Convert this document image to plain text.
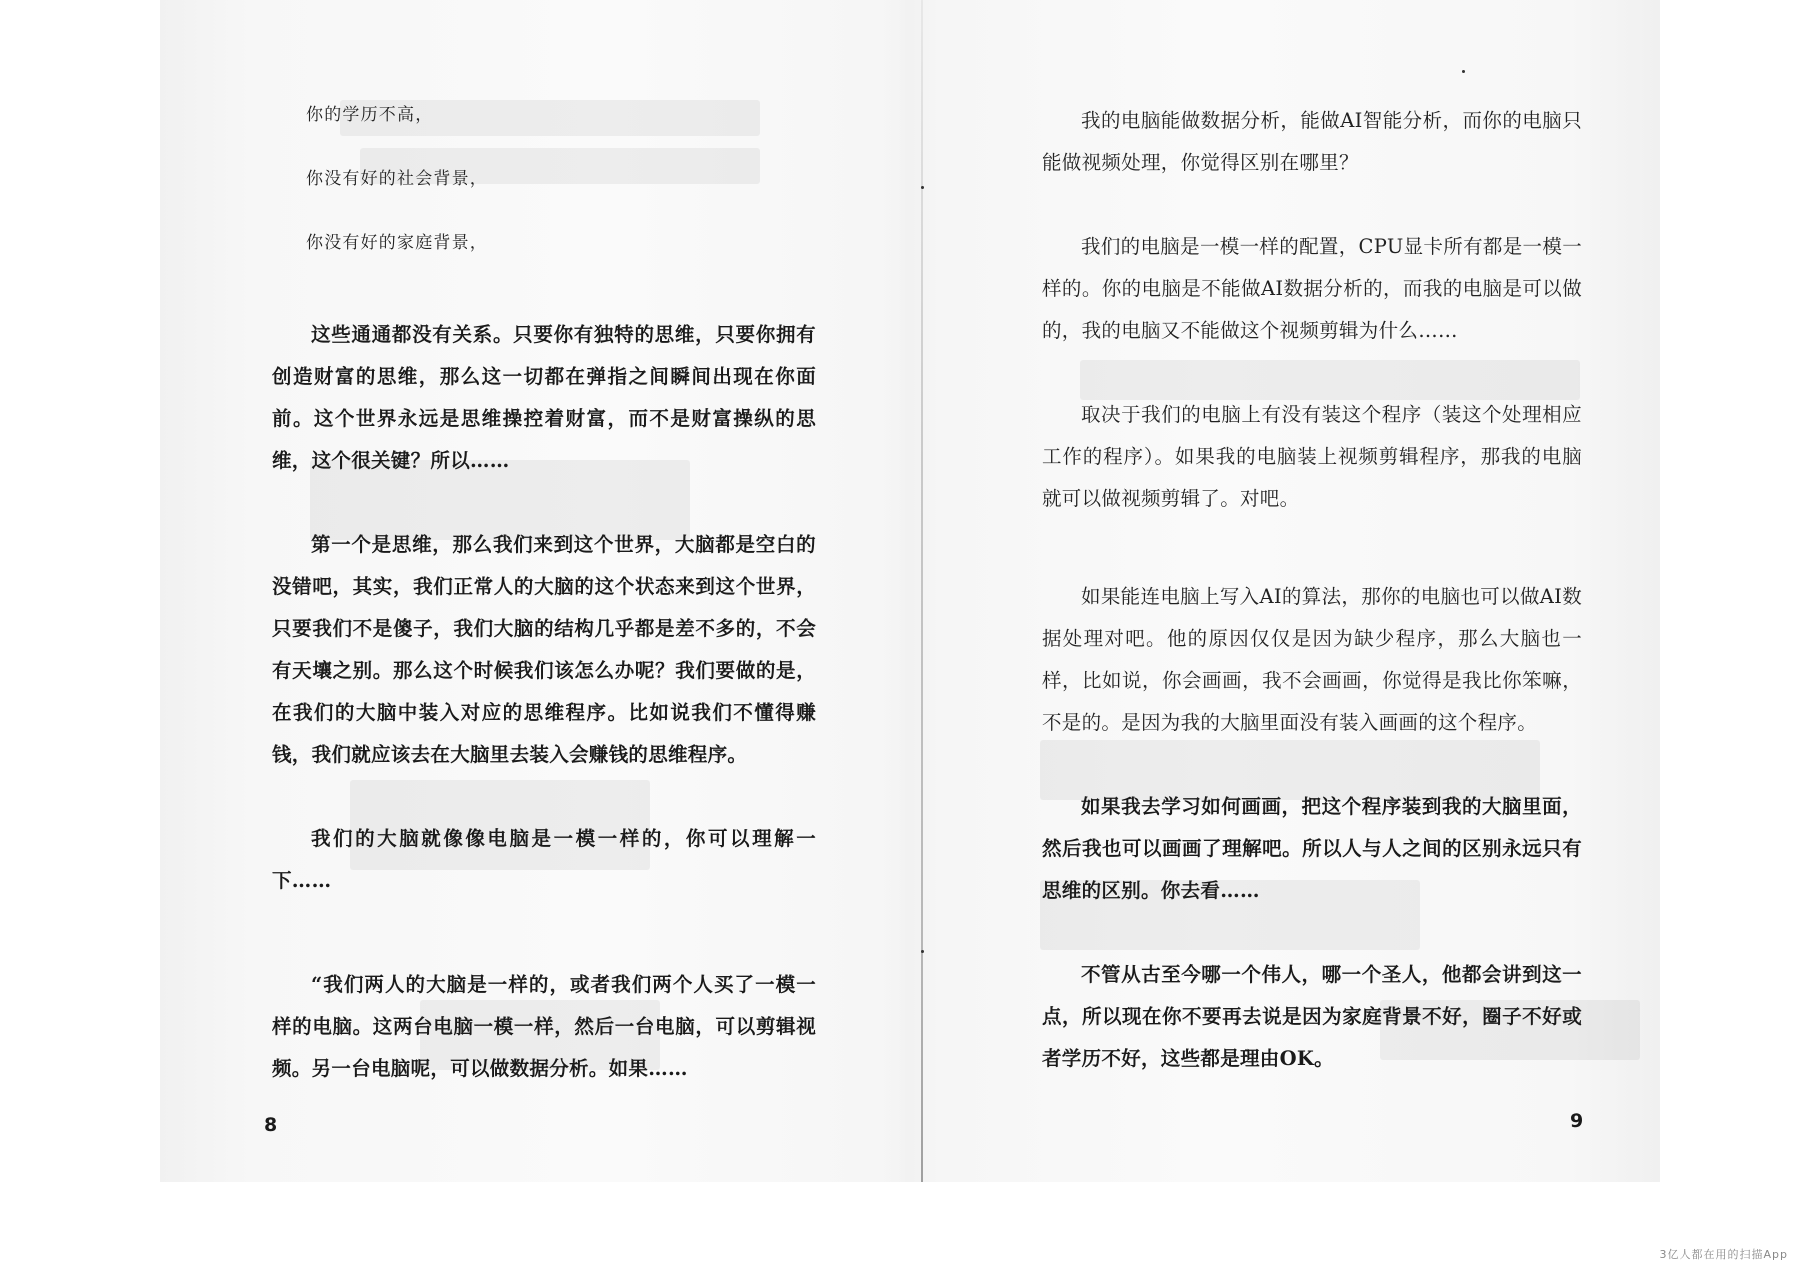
你的学历不高，

你没有好的社会背景，

你没有好的家庭背景，

这些通通都没有关系。只要你有独特的思维，只要你拥有创造财富的思维，那么这一切都在弹指之间瞬间出现在你面前。这个世界永远是思维操控着财富，而不是财富操纵的思维，这个很关键？所以……

第一个是思维，那么我们来到这个世界，大脑都是空白的没错吧，其实，我们正常人的大脑的这个状态来到这个世界，只要我们不是傻子，我们大脑的结构几乎都是差不多的，不会有天壤之别。那么这个时候我们该怎么办呢？我们要做的是，在我们的大脑中装入对应的思维程序。比如说我们不懂得赚钱，我们就应该去在大脑里去装入会赚钱的思维程序。

我们的大脑就像像电脑是一模一样的，你可以理解一下……

“我们两人的大脑是一样的，或者我们两个人买了一模一样的电脑。这两台电脑一模一样，然后一台电脑，可以剪辑视频。另一台电脑呢，可以做数据分析。如果……

我的电脑能做数据分析，能做AI智能分析，而你的电脑只能做视频处理，你觉得区别在哪里？

我们的电脑是一模一样的配置，CPU显卡所有都是一模一样的。你的电脑是不能做AI数据分析的，而我的电脑是可以做的，我的电脑又不能做这个视频剪辑为什么……

取决于我们的电脑上有没有装这个程序（装这个处理相应工作的程序）。如果我的电脑装上视频剪辑程序，那我的电脑就可以做视频剪辑了。对吧。

如果能连电脑上写入AI的算法，那你的电脑也可以做AI数据处理对吧。他的原因仅仅是因为缺少程序，那么大脑也一样，比如说，你会画画，我不会画画，你觉得是我比你笨嘛，不是的。是因为我的大脑里面没有装入画画的这个程序。

如果我去学习如何画画，把这个程序装到我的大脑里面，然后我也可以画画了理解吧。所以人与人之间的区别永远只有思维的区别。你去看……

不管从古至今哪一个伟人，哪一个圣人，他都会讲到这一点，所以现在你不要再去说是因为家庭背景不好，圈子不好或者学历不好，这些都是理由OK。

8	9
3亿人都在用的扫描App
